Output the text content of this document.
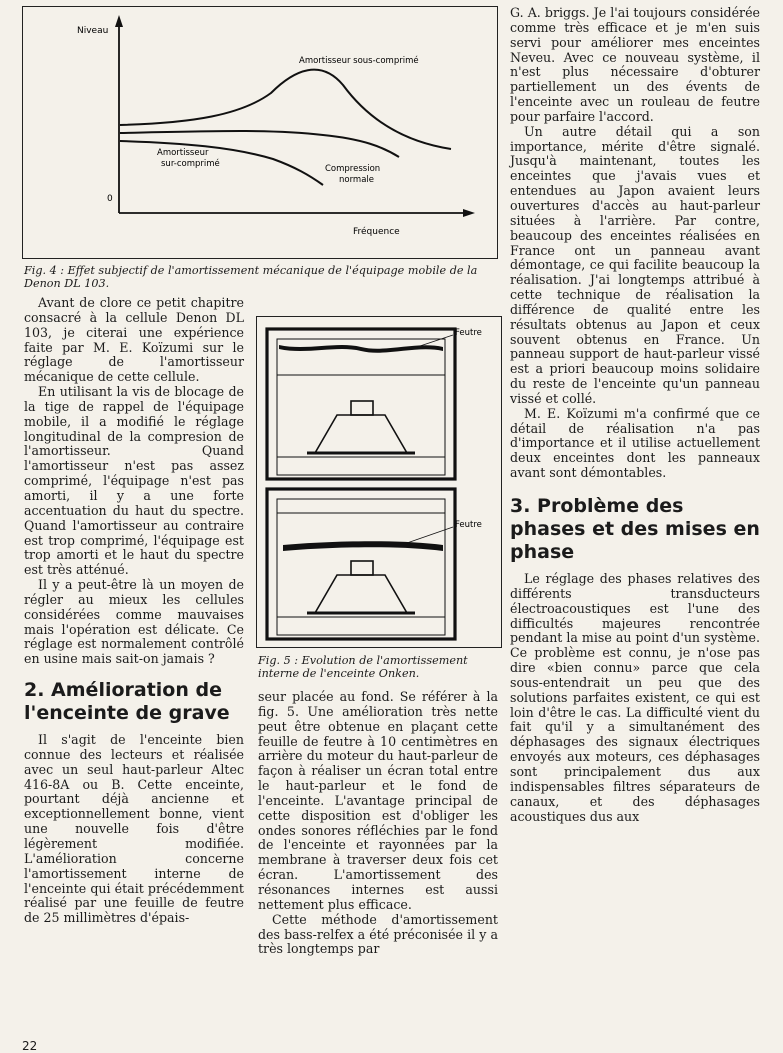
Niveau
0
Fréquence
Amortisseur sous-comprimé
Amortisseur
sur-comprimé	Compression
normale

Fig. 4 : Effet subjectif de l'amortissement mécanique de l'équipage mobile de la Denon DL 103.

Feutre
Feutre

Fig. 5 : Evolution de l'amortissement interne de l'enceinte Onken.

Avant de clore ce petit chapitre consacré à la cellule Denon DL 103, je citerai une expérience faite par M. E. Koïzumi sur le réglage de l'amortisseur mécanique de cette cellule.

En utilisant la vis de blocage de la tige de rappel de l'équipage mobile, il a modifié le réglage longitudinal de la compresion de l'amortisseur. Quand l'amortisseur n'est pas assez comprimé, l'équipage n'est pas amorti, il y a une forte accentuation du haut du spectre. Quand l'amortisseur au contraire est trop comprimé, l'équipage est trop amorti et le haut du spectre est très atténué.

Il y a peut-être là un moyen de régler au mieux les cellules considérées comme mauvaises mais l'opération est délicate. Ce réglage est normalement contrôlé en usine mais sait-on jamais ?

2. Amélioration de l'enceinte de grave

Il s'agit de l'enceinte bien connue des lecteurs et réalisée avec un seul haut-parleur Altec 416-8A ou B. Cette enceinte, pourtant déjà ancienne et exceptionnellement bonne, vient une nouvelle fois d'être légèrement modifiée. L'amélioration concerne l'amortissement interne de l'enceinte qui était précédemment réalisé par une feuille de feutre de 25 millimètres d'épais-

seur placée au fond. Se référer à la fig. 5. Une amélioration très nette peut être obtenue en plaçant cette feuille de feutre à 10 centimètres en arrière du moteur du haut-parleur de façon à réaliser un écran total entre le haut-parleur et le fond de l'enceinte. L'avantage principal de cette disposition est d'obliger les ondes sonores réfléchies par le fond de l'enceinte et rayonnées par la membrane à traverser deux fois cet écran. L'amortissement des résonances internes est aussi nettement plus efficace.

Cette méthode d'amortissement des bass-relfex a été préconisée il y a très longtemps par

G. A. briggs. Je l'ai toujours considérée comme très efficace et je m'en suis servi pour améliorer mes enceintes Neveu. Avec ce nouveau système, il n'est plus nécessaire d'obturer partiellement un des évents de l'enceinte avec un rouleau de feutre pour parfaire l'accord.

Un autre détail qui a son importance, mérite d'être signalé. Jusqu'à maintenant, toutes les enceintes que j'avais vues et entendues au Japon avaient leurs ouvertures d'accès au haut-parleur situées à l'arrière. Par contre, beaucoup des enceintes réalisées en France ont un panneau avant démontage, ce qui facilite beaucoup la réalisation. J'ai longtemps attribué à cette technique de réalisation la différence de qualité entre les résultats obtenus au Japon et ceux souvent obtenus en France. Un panneau support de haut-parleur vissé est a priori beaucoup moins solidaire du reste de l'enceinte qu'un panneau vissé et collé.

M. E. Koïzumi m'a confirmé que ce détail de réalisation n'a pas d'importance et il utilise actuellement deux enceintes dont les panneaux avant sont démontables.

3. Problème des phases et des mises en phase

Le réglage des phases relatives des différents transducteurs électroacoustiques est l'une des difficultés majeures rencontrée pendant la mise au point d'un système. Ce problème est connu, je n'ose pas dire «bien connu» parce que cela sous-entendrait un peu que des solutions parfaites existent, ce qui est loin d'être le cas. La difficulté vient du fait qu'il y a simultanément des déphasages des signaux électriques envoyés aux moteurs, ces déphasages sont principalement dus aux indispensables filtres séparateurs de canaux, et des déphasages acoustiques dus aux

22
